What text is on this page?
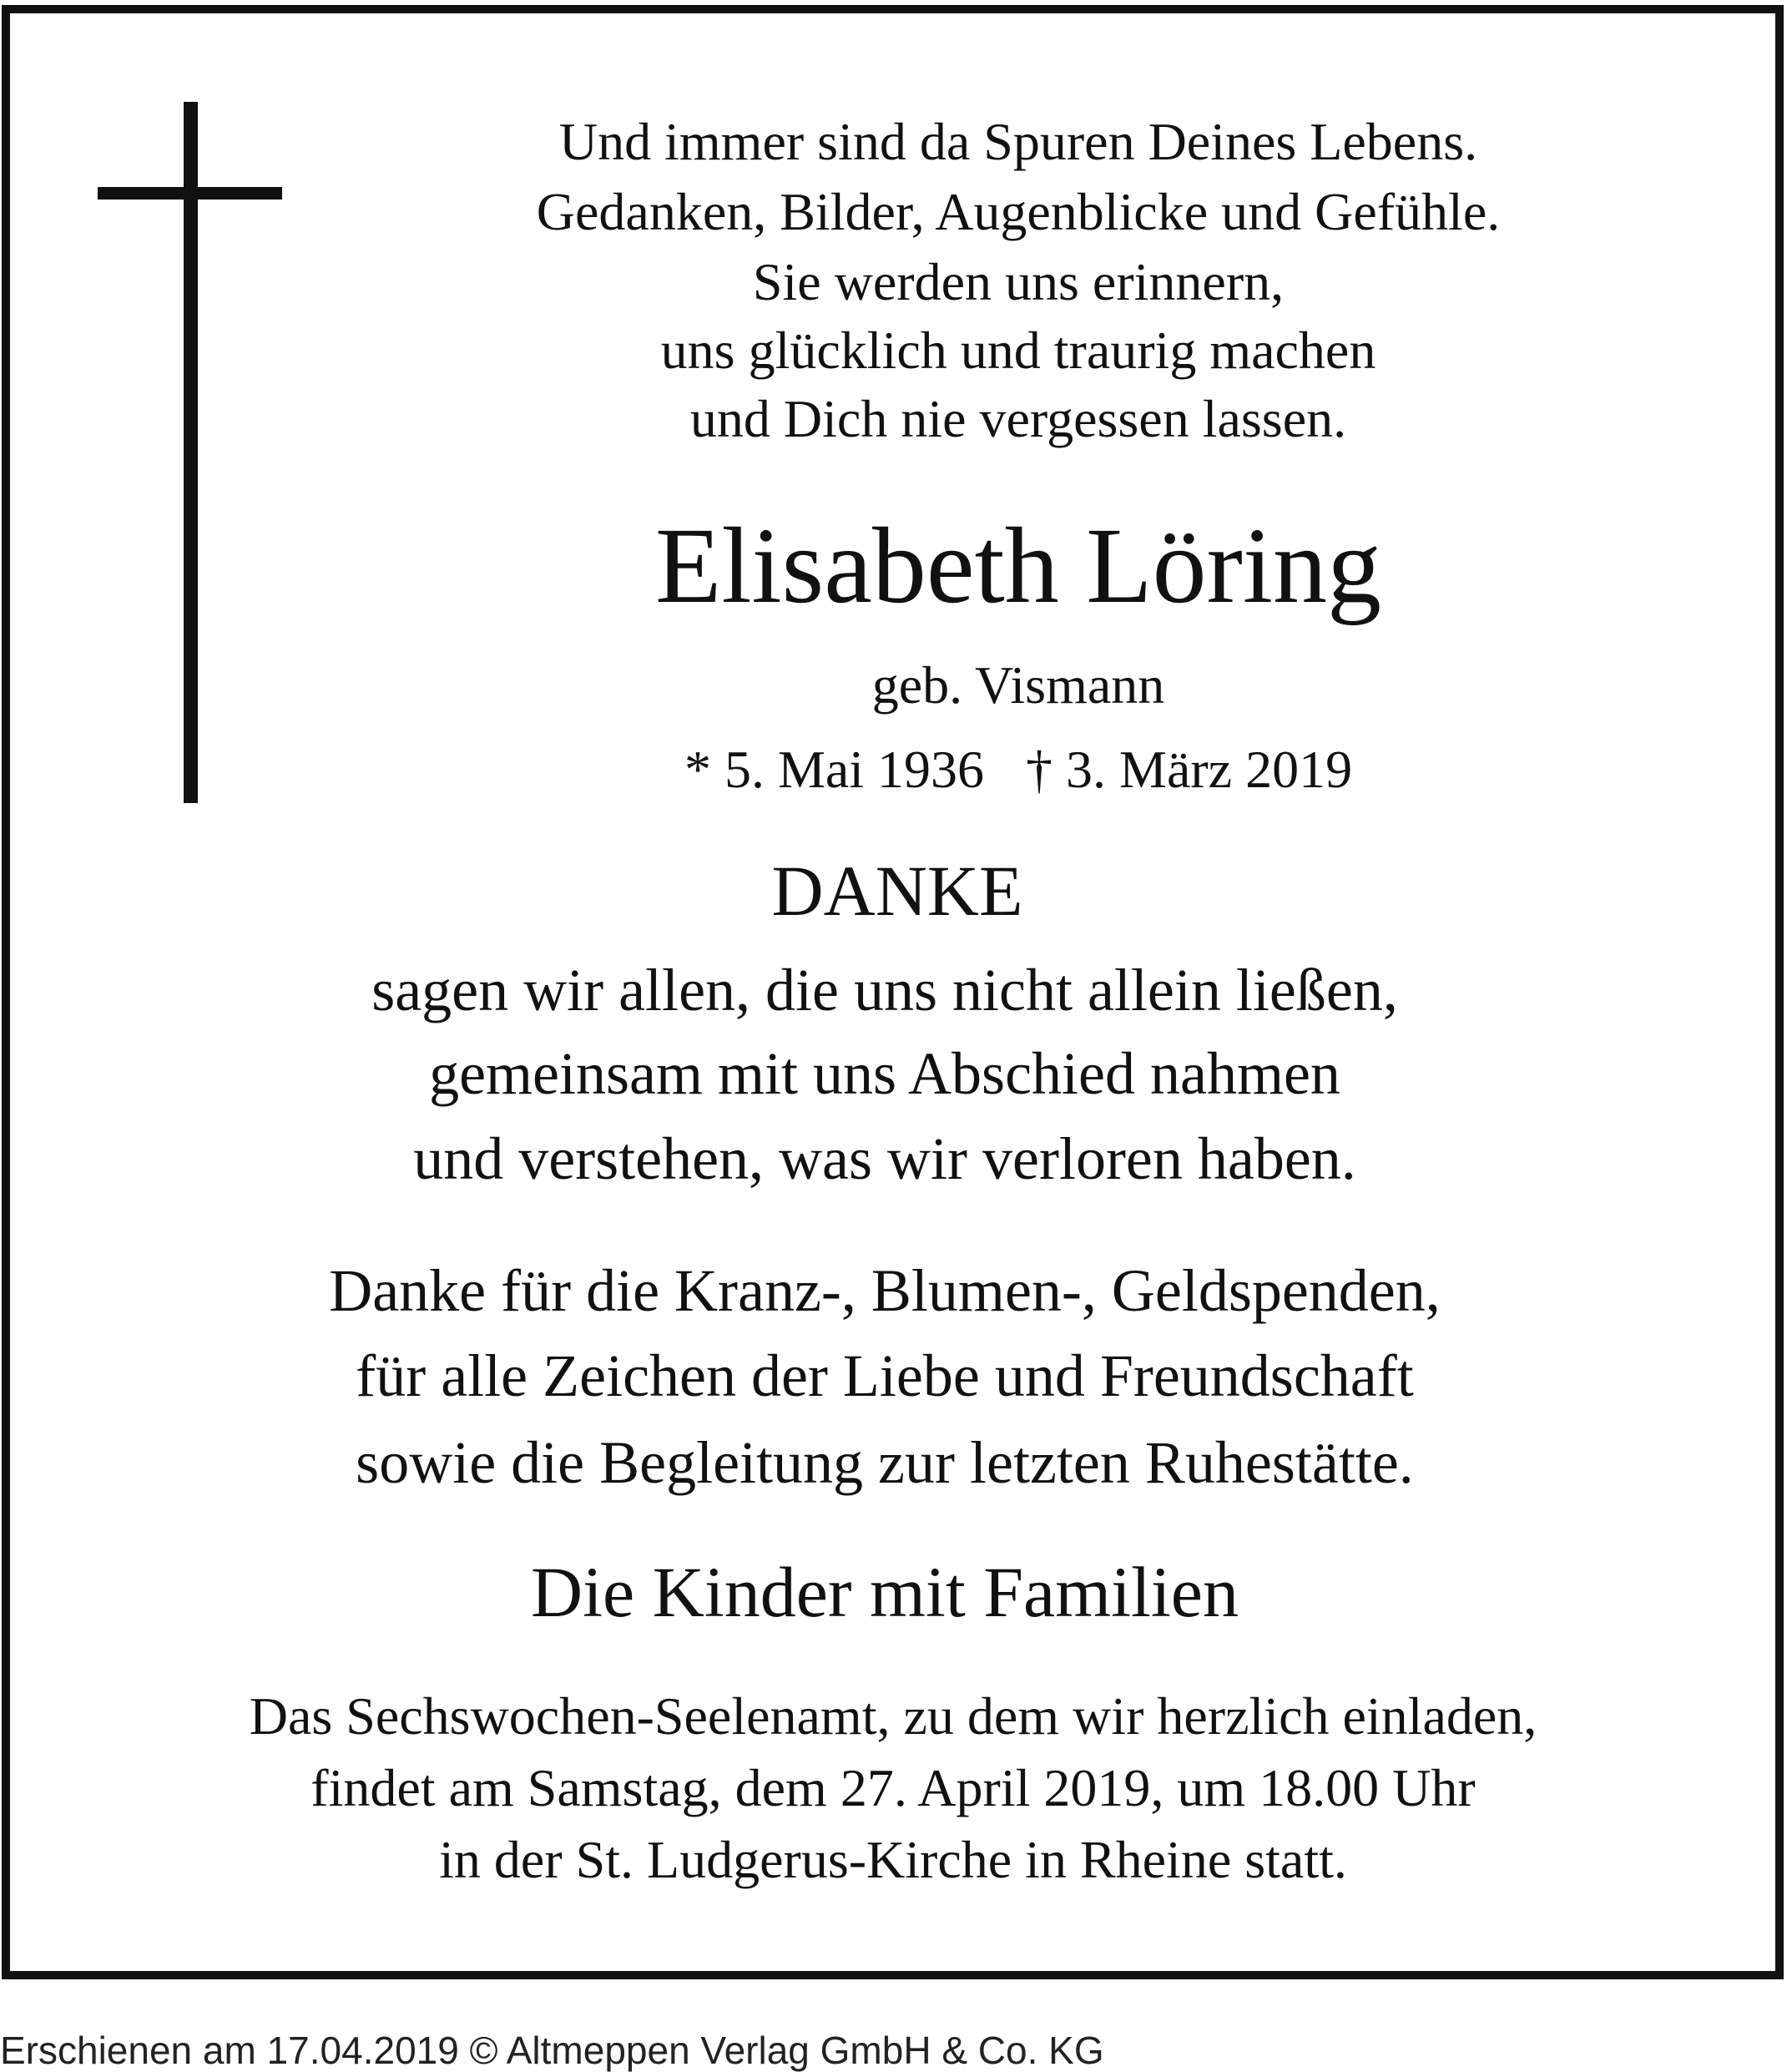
Und immer sind da Spuren Deines Lebens.
Gedanken, Bilder, Augenblicke und Gefühle.
Sie werden uns erinnern,
uns glücklich und traurig machen
und Dich nie vergessen lassen.
Elisabeth Löring
geb. Vismann
* 5. Mai 1936 † 3. März 2019
DANKE
sagen wir allen, die uns nicht allein ließen,
gemeinsam mit uns Abschied nahmen
und verstehen, was wir verloren haben.
Danke für die Kranz-, Blumen-, Geldspenden,
für alle Zeichen der Liebe und Freundschaft
sowie die Begleitung zur letzten Ruhestätte.
Die Kinder mit Familien
Das Sechswochen-Seelenamt, zu dem wir herzlich einladen,
findet am Samstag, dem 27. April 2019, um 18.00 Uhr
in der St. Ludgerus-Kirche in Rheine statt.
Erschienen am 17.04.2019 © Altmeppen Verlag GmbH & Co. KG
